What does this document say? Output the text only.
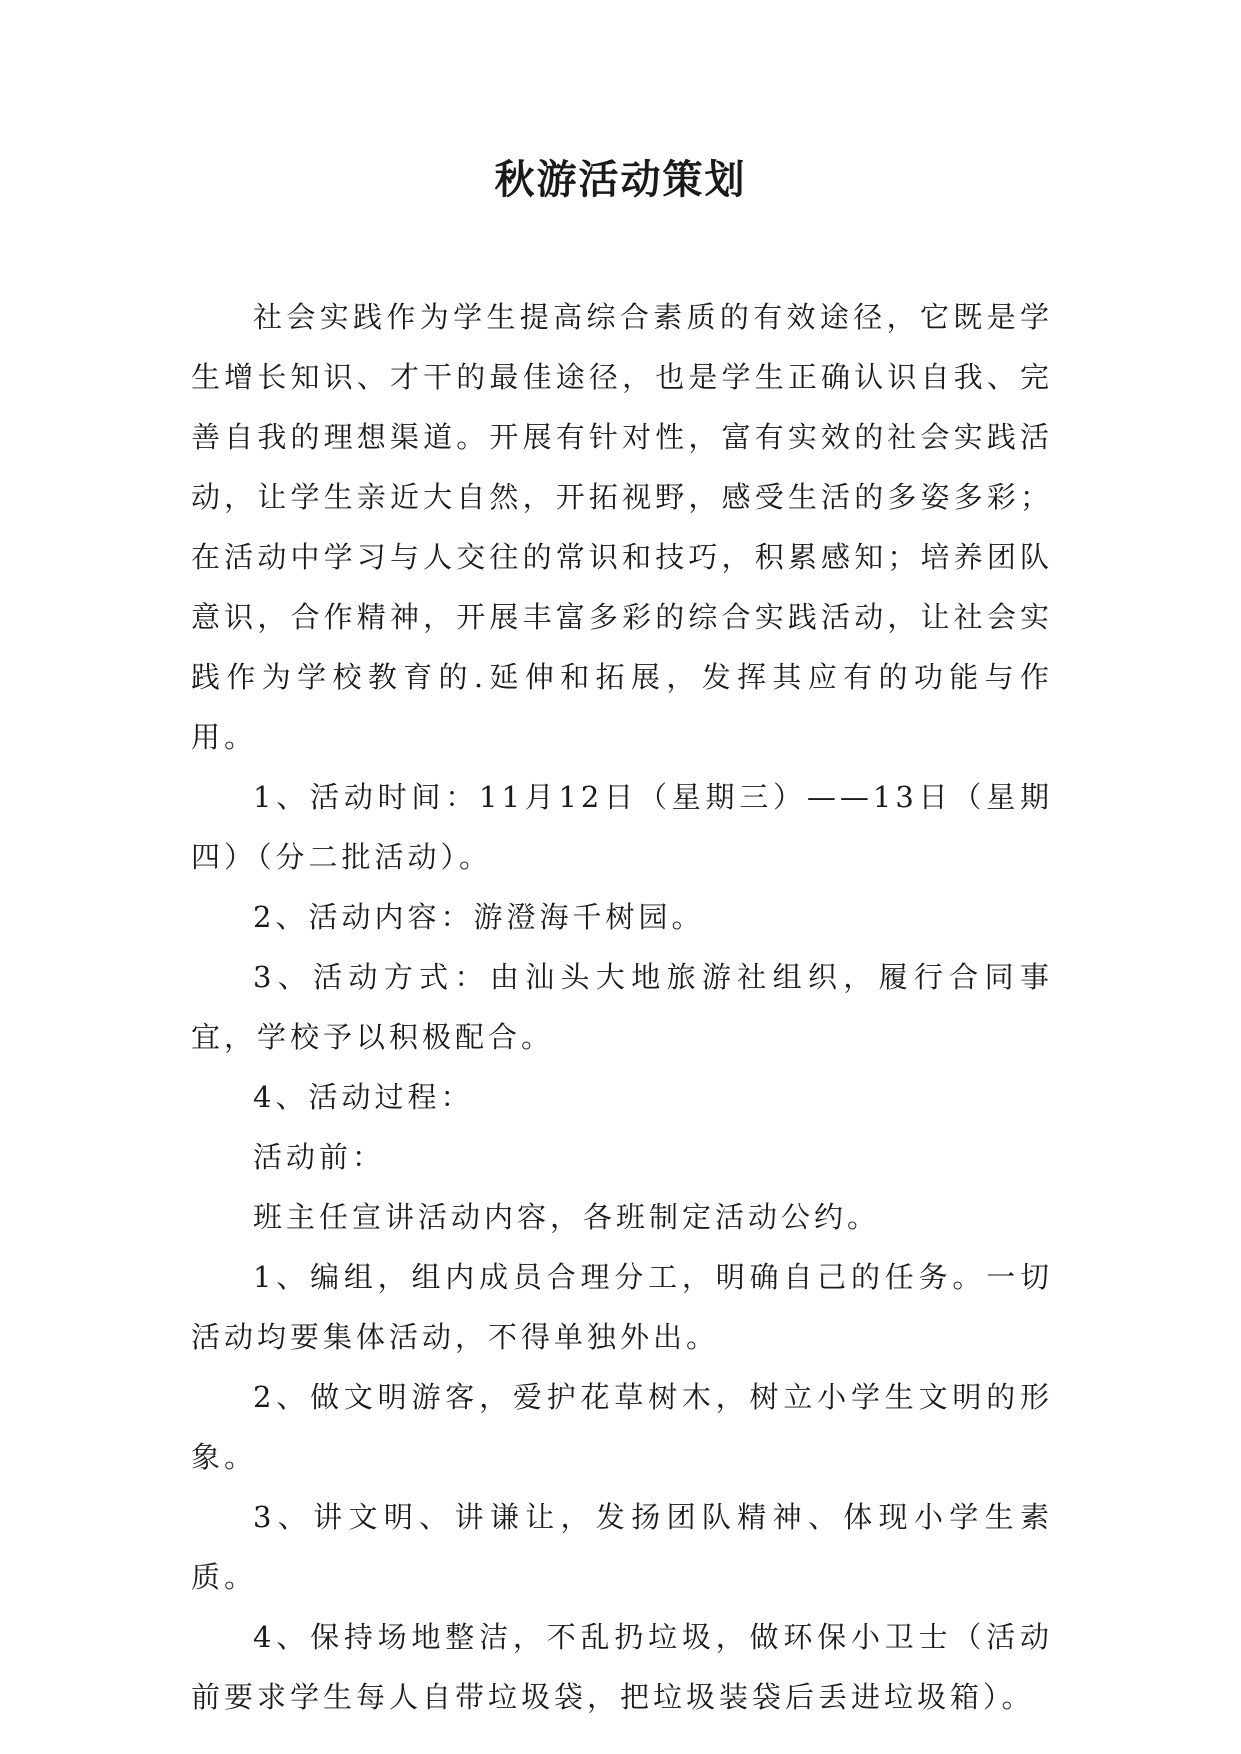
秋游活动策划

社会实践作为学生提高综合素质的有效途径，它既是学生增长知识、才干的最佳途径，也是学生正确认识自我、完善自我的理想渠道。开展有针对性，富有实效的社会实践活动，让学生亲近大自然，开拓视野，感受生活的多姿多彩；在活动中学习与人交往的常识和技巧，积累感知；培养团队意识，合作精神，开展丰富多彩的综合实践活动，让社会实践作为学校教育的.延伸和拓展，发挥其应有的功能与作用。

1、活动时间：11月12日（星期三）——13日（星期四）（分二批活动）。

2、活动内容：游澄海千树园。

3、活动方式：由汕头大地旅游社组织，履行合同事宜，学校予以积极配合。

4、活动过程：

活动前：

班主任宣讲活动内容，各班制定活动公约。

1、编组，组内成员合理分工，明确自己的任务。一切活动均要集体活动，不得单独外出。

2、做文明游客，爱护花草树木，树立小学生文明的形象。

3、讲文明、讲谦让，发扬团队精神、体现小学生素质。

4、保持场地整洁，不乱扔垃圾，做环保小卫士（活动前要求学生每人自带垃圾袋，把垃圾装袋后丢进垃圾箱）。
